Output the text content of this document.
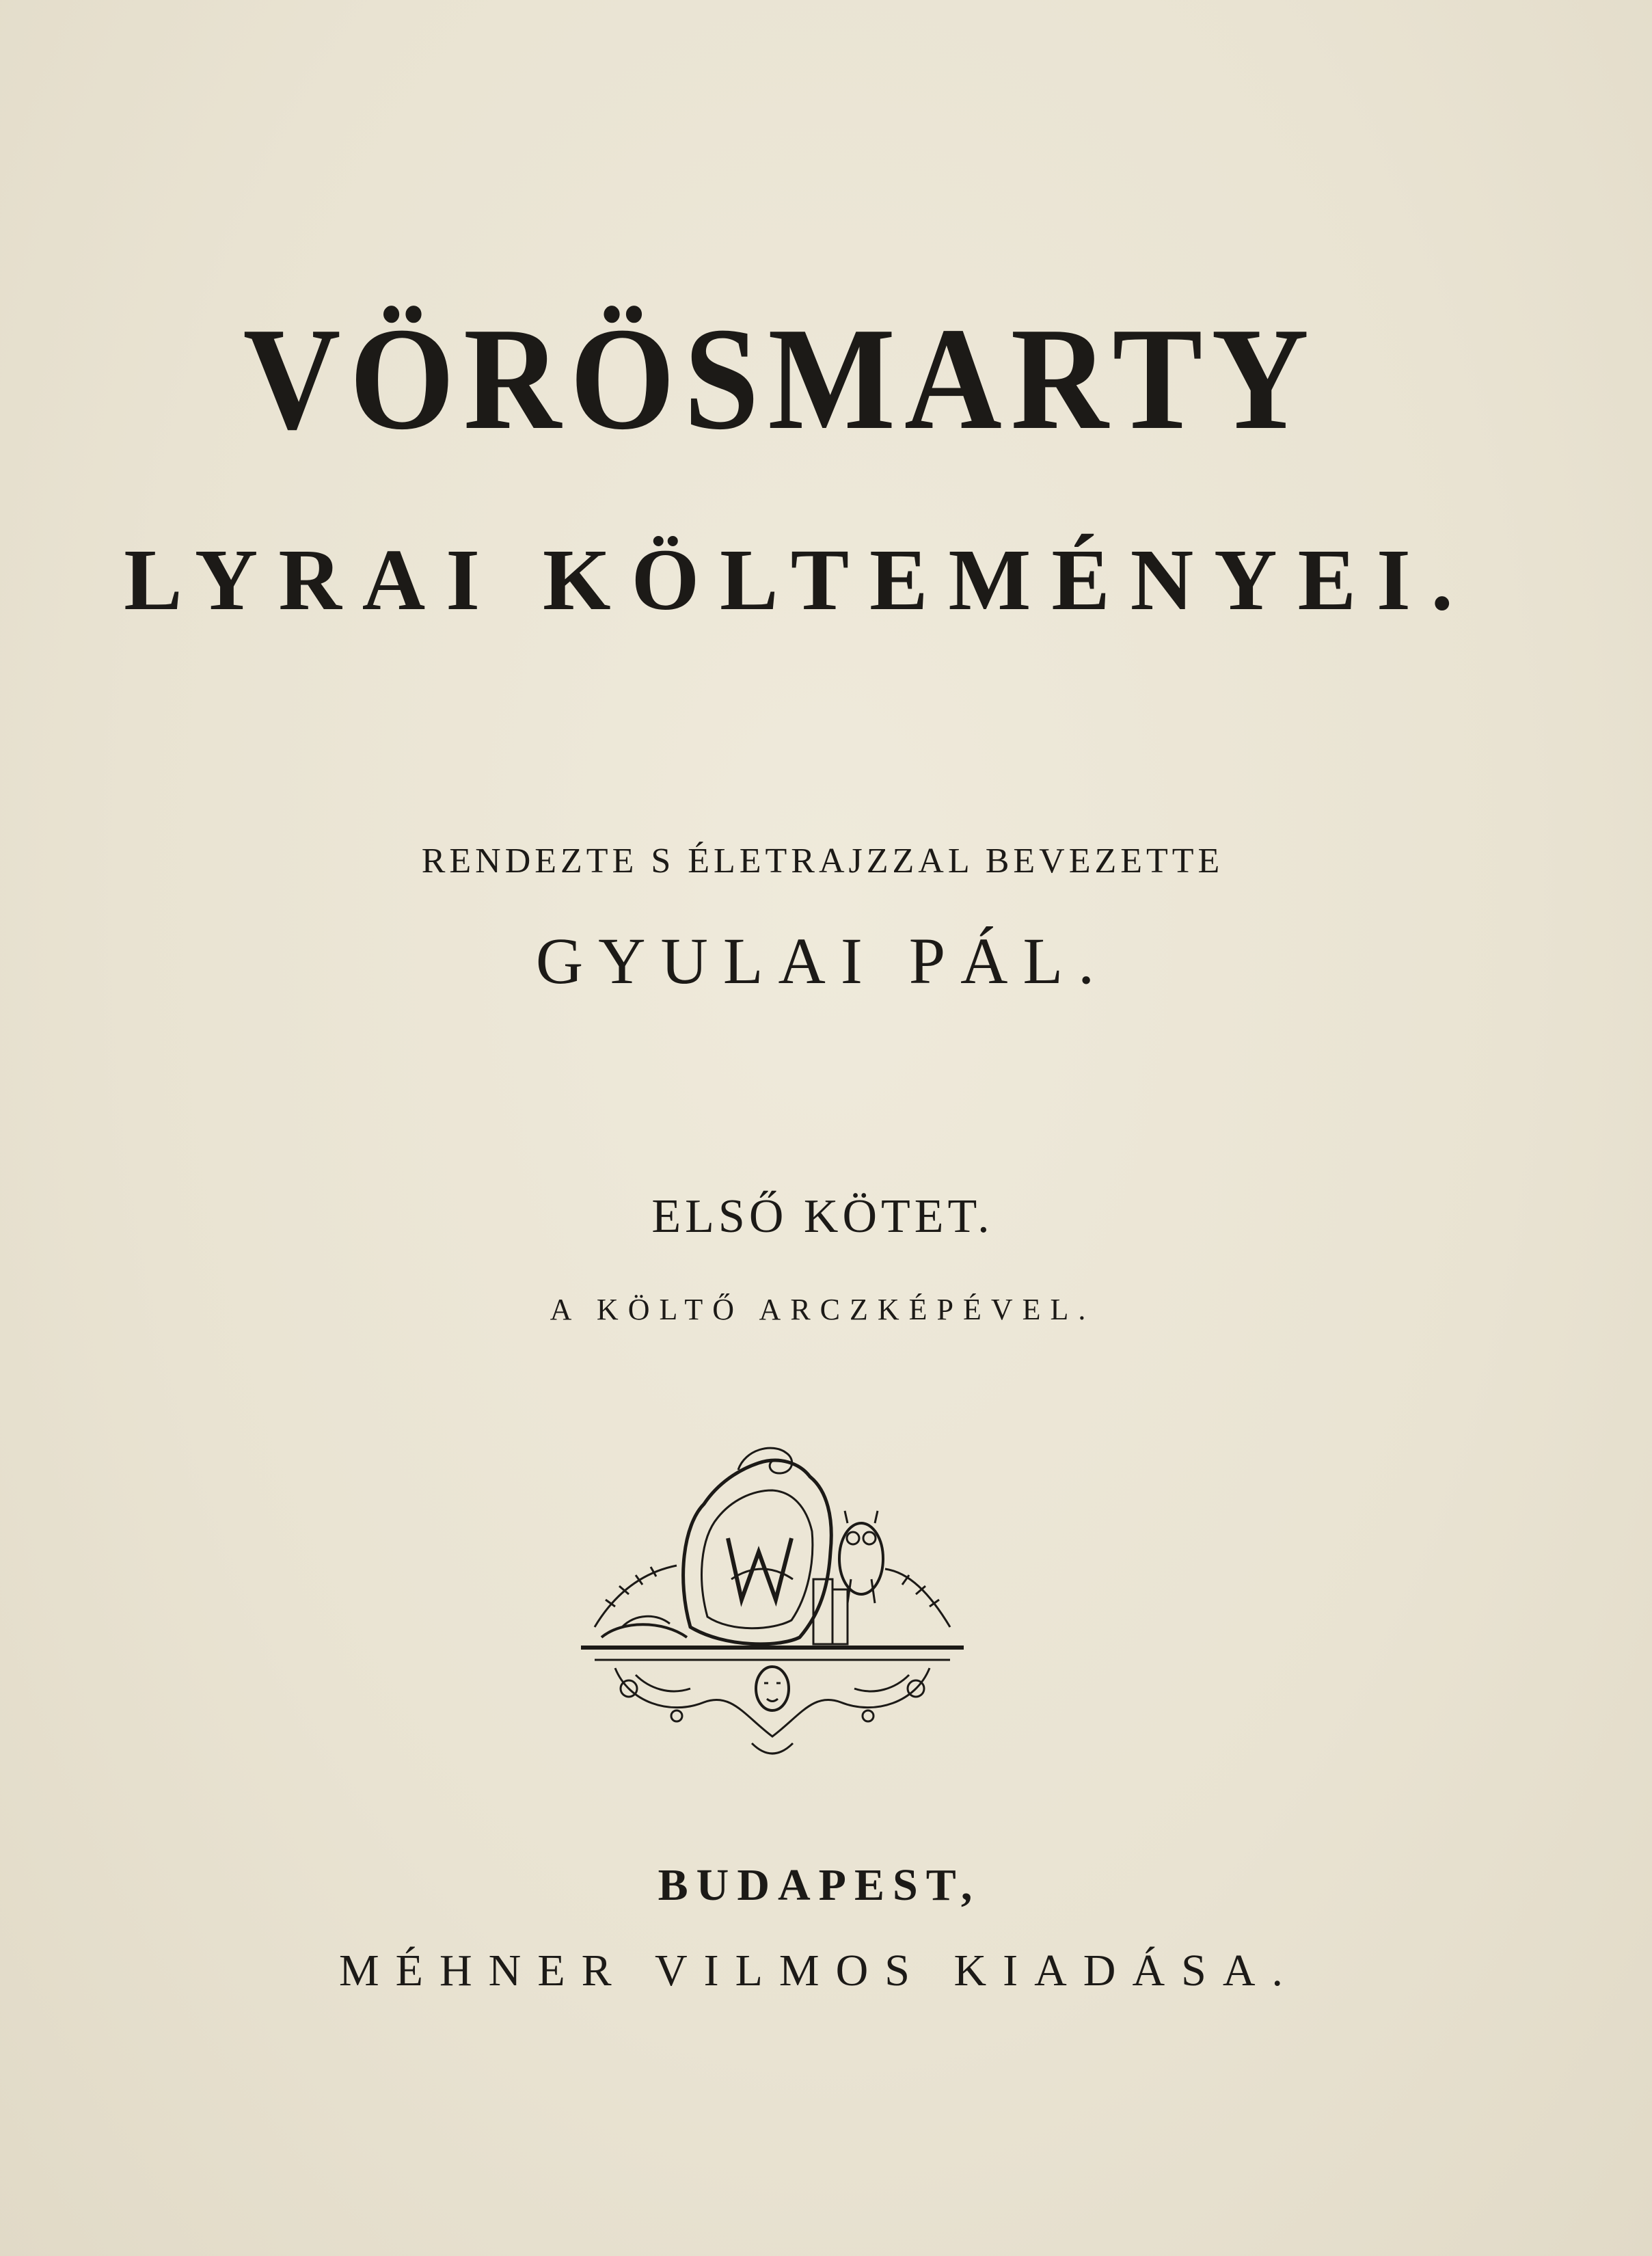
VÖRÖSMARTY
LYRAI KÖLTEMÉNYEI.
RENDEZTE S ÉLETRAJZZAL BEVEZETTE
GYULAI PÁL.
ELSŐ KÖTET.
A KÖLTŐ ARCZKÉPÉVEL.
BUDAPEST,
MÉHNER VILMOS KIADÁSA.
